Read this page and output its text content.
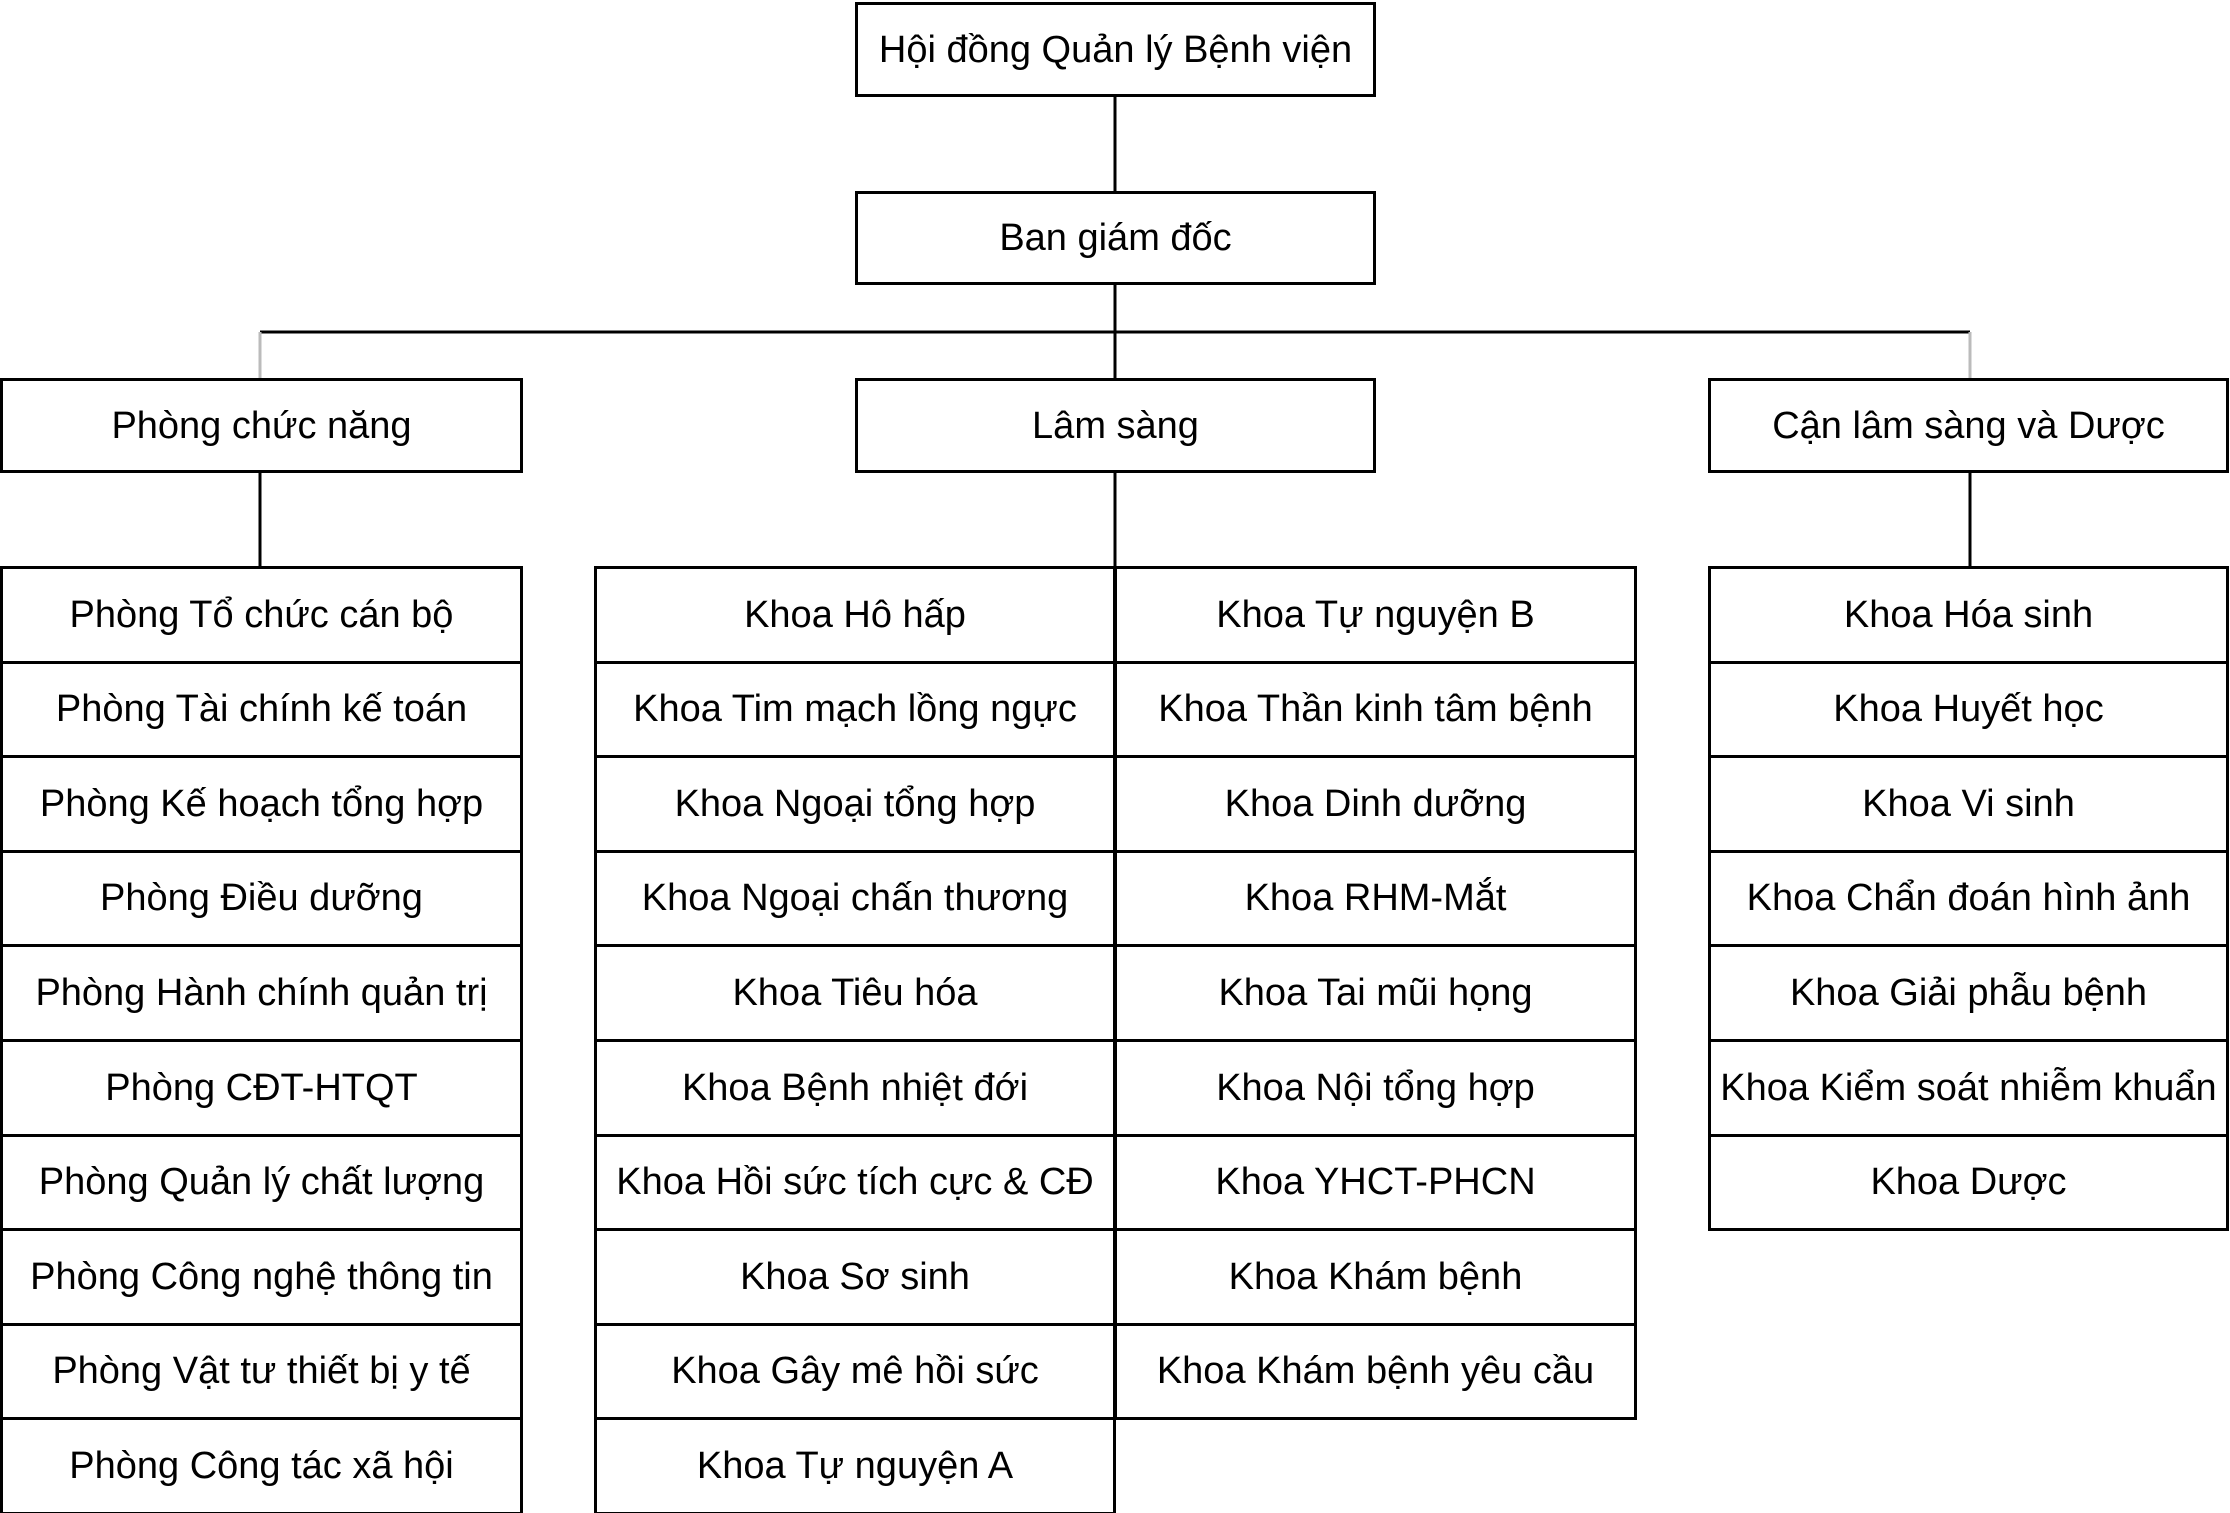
Hội đồng Quản lý Bệnh viện
Ban giám đốc
Phòng chức năng	Lâm sàng	Cận lâm sàng và Dược
Phòng Tổ chức cán bộ
Phòng Tài chính kế toán
Phòng Kế hoạch tổng hợp
Phòng Điều dưỡng
Phòng Hành chính quản trị
Phòng CĐT-HTQT
Phòng Quản lý chất lượng
Phòng Công nghệ thông tin
Phòng Vật tư thiết bị y tế
Phòng Công tác xã hội
Khoa Hô hấp
Khoa Tim mạch lồng ngực
Khoa Ngoại tổng hợp
Khoa Ngoại chấn thương
Khoa Tiêu hóa
Khoa Bệnh nhiệt đới
Khoa Hồi sức tích cực & CĐ
Khoa Sơ sinh
Khoa Gây mê hồi sức
Khoa Tự nguyện A
Khoa Tự nguyện B
Khoa Thần kinh tâm bệnh
Khoa Dinh dưỡng
Khoa RHM-Mắt
Khoa Tai mũi họng
Khoa Nội tổng hợp
Khoa YHCT-PHCN
Khoa Khám bệnh
Khoa Khám bệnh yêu cầu
Khoa Hóa sinh
Khoa Huyết học
Khoa Vi sinh
Khoa Chẩn đoán hình ảnh
Khoa Giải phẫu bệnh
Khoa Kiểm soát nhiễm khuẩn
Khoa Dược
